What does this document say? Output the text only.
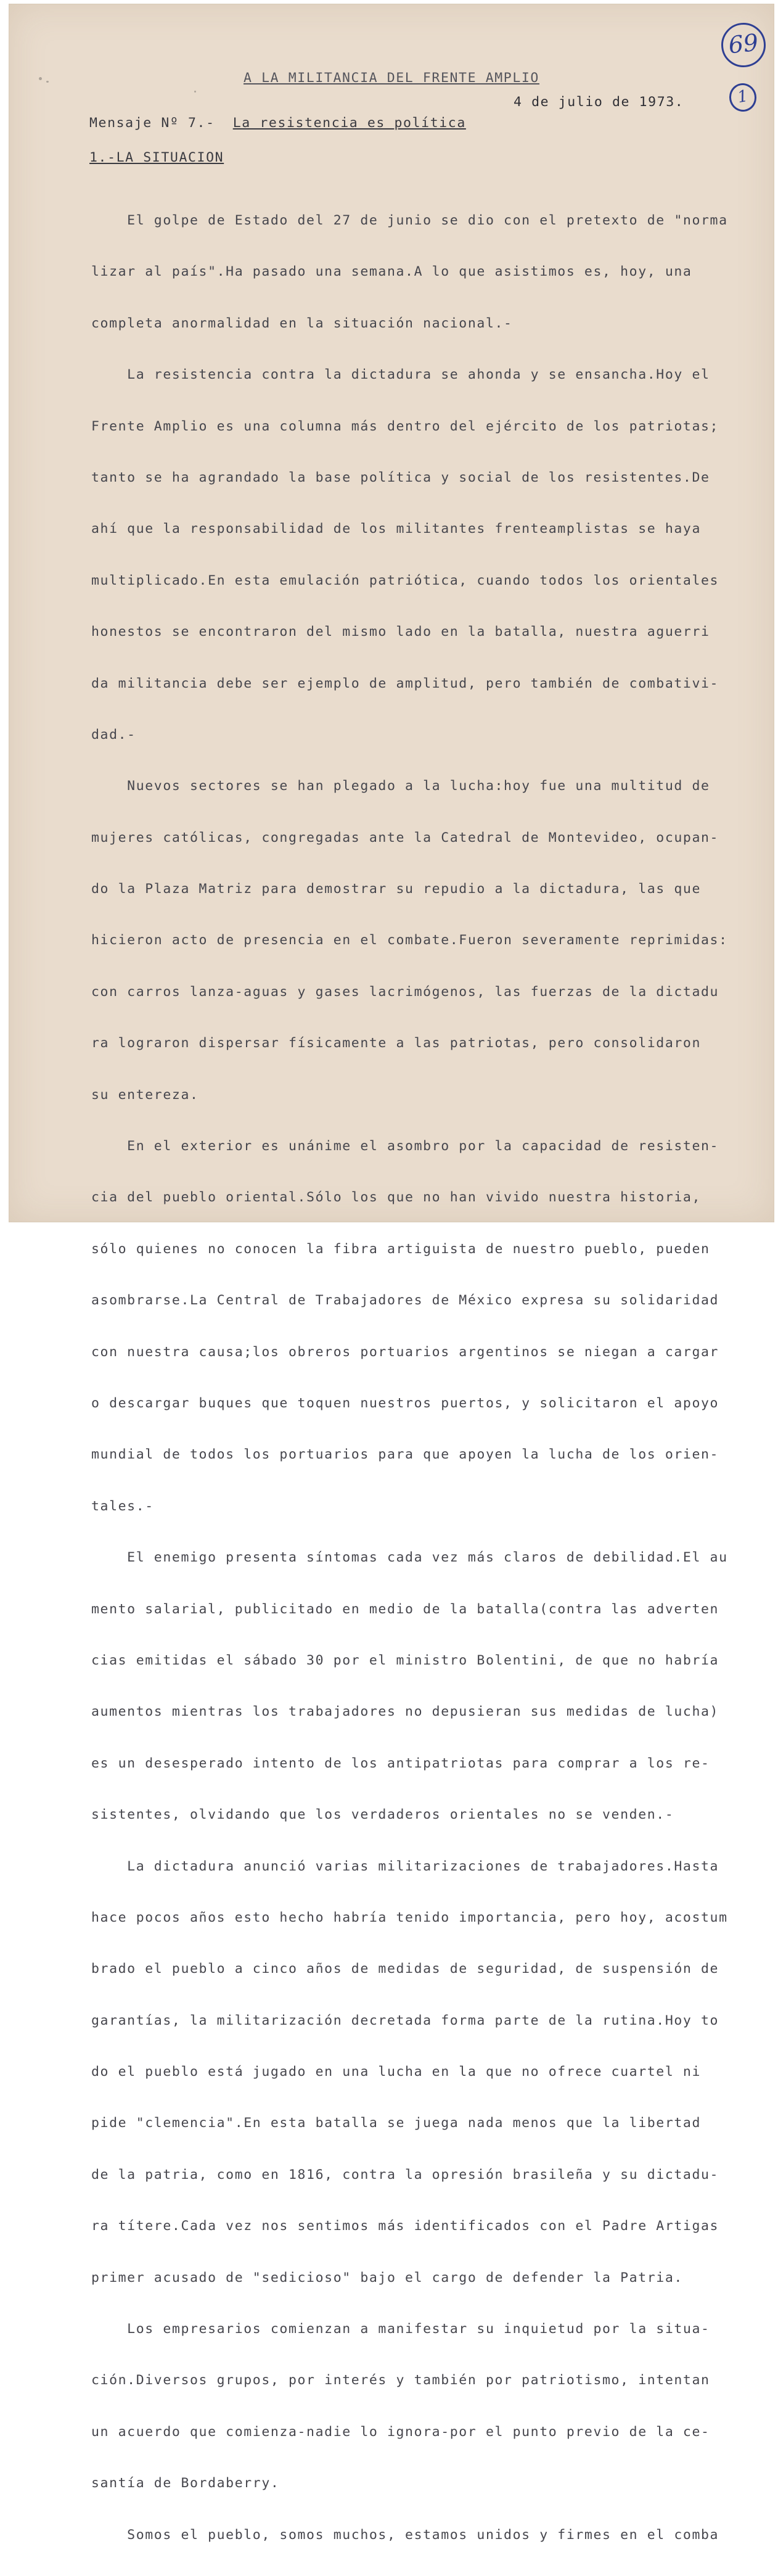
69
1
A LA MILITANCIA DEL FRENTE AMPLIO
4 de julio de 1973.
Mensaje Nº 7.- La resistencia es política
1.-LA SITUACION

El golpe de Estado del 27 de junio se dio con el pretexto de "norma

lizar al país".Ha pasado una semana.A lo que asistimos es, hoy, una

completa anormalidad en la situación nacional.-

La resistencia contra la dictadura se ahonda y se ensancha.Hoy el

Frente Amplio es una columna más dentro del ejército de los patriotas;

tanto se ha agrandado la base política y social de los resistentes.De

ahí que la responsabilidad de los militantes frenteamplistas se haya

multiplicado.En esta emulación patriótica, cuando todos los orientales

honestos se encontraron del mismo lado en la batalla, nuestra aguerri

da militancia debe ser ejemplo de amplitud, pero también de combativi-

dad.-

Nuevos sectores se han plegado a la lucha:hoy fue una multitud de

mujeres católicas, congregadas ante la Catedral de Montevideo, ocupan-

do la Plaza Matriz para demostrar su repudio a la dictadura, las que

hicieron acto de presencia en el combate.Fueron severamente reprimidas:

con carros lanza-aguas y gases lacrimógenos, las fuerzas de la dictadu

ra lograron dispersar físicamente a las patriotas, pero consolidaron

su entereza.

En el exterior es unánime el asombro por la capacidad de resisten-

cia del pueblo oriental.Sólo los que no han vivido nuestra historia,

sólo quienes no conocen la fibra artiguista de nuestro pueblo, pueden

asombrarse.La Central de Trabajadores de México expresa su solidaridad

con nuestra causa;los obreros portuarios argentinos se niegan a cargar

o descargar buques que toquen nuestros puertos, y solicitaron el apoyo

mundial de todos los portuarios para que apoyen la lucha de los orien-

tales.-

El enemigo presenta síntomas cada vez más claros de debilidad.El au

mento salarial, publicitado en medio de la batalla(contra las adverten

cias emitidas el sábado 30 por el ministro Bolentini, de que no habría

aumentos mientras los trabajadores no depusieran sus medidas de lucha)

es un desesperado intento de los antipatriotas para comprar a los re-

sistentes, olvidando que los verdaderos orientales no se venden.-

La dictadura anunció varias militarizaciones de trabajadores.Hasta

hace pocos años esto hecho habría tenido importancia, pero hoy, acostum

brado el pueblo a cinco años de medidas de seguridad, de suspensión de

garantías, la militarización decretada forma parte de la rutina.Hoy to

do el pueblo está jugado en una lucha en la que no ofrece cuartel ni

pide "clemencia".En esta batalla se juega nada menos que la libertad

de la patria, como en 1816, contra la opresión brasileña y su dictadu-

ra títere.Cada vez nos sentimos más identificados con el Padre Artigas

primer acusado de "sedicioso" bajo el cargo de defender la Patria.

Los empresarios comienzan a manifestar su inquietud por la situa-

ción.Diversos grupos, por interés y también por patriotismo, intentan

un acuerdo que comienza-nadie lo ignora-por el punto previo de la ce-

santía de Bordaberry.

Somos el pueblo, somos muchos, estamos unidos y firmes en el comba
